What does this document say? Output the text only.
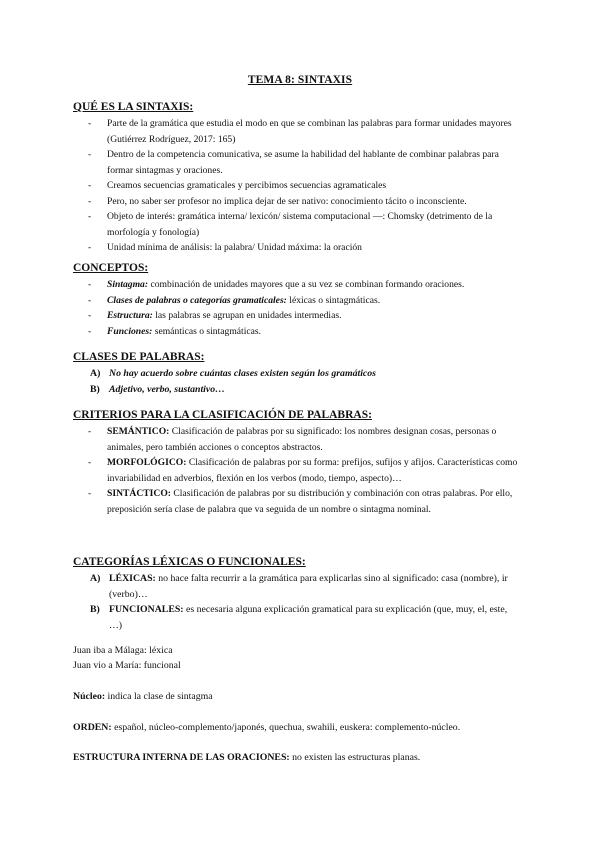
TEMA 8: SINTAXIS
QUÉ ES LA SINTAXIS:
- Parte de la gramática que estudia el modo en que se combinan las palabras para formar unidades mayores (Gutiérrez Rodríguez, 2017: 165)
- Dentro de la competencia comunicativa, se asume la habilidad del hablante de combinar palabras para formar sintagmas y oraciones.
- Creamos secuencias gramaticales y percibimos secuencias agramaticales
- Pero, no saber ser profesor no implica dejar de ser nativo: conocimiento tácito o inconsciente.
- Objeto de interés: gramática interna/ lexicón/ sistema computacional —: Chomsky (detrimento de la morfología y fonología)
- Unidad mínima de análisis: la palabra/ Unidad máxima: la oración
CONCEPTOS:
- Sintagma: combinación de unidades mayores que a su vez se combinan formando oraciones.
- Clases de palabras o categorías gramaticales: léxicas o sintagmáticas.
- Estructura: las palabras se agrupan en unidades intermedias.
- Funciones: semánticas o sintagmáticas.
CLASES DE PALABRAS:
A) No hay acuerdo sobre cuántas clases existen según los gramáticos
B) Adjetivo, verbo, sustantivo…
CRITERIOS PARA LA CLASIFICACIÓN DE PALABRAS:
- SEMÁNTICO: Clasificación de palabras por su significado: los nombres designan cosas, personas o animales, pero también acciones o conceptos abstractos.
- MORFOLÓGICO: Clasificación de palabras por su forma: prefijos, sufijos y afijos. Características como invariabilidad en adverbios, flexión en los verbos (modo, tiempo, aspecto)…
- SINTÁCTICO: Clasificación de palabras por su distribución y combinación con otras palabras. Por ello, preposición sería clase de palabra que va seguida de un nombre o sintagma nominal.
CATEGORÍAS LÉXICAS O FUNCIONALES:
A) LÉXICAS: no hace falta recurrir a la gramática para explicarlas sino al significado: casa (nombre), ir (verbo)…
B) FUNCIONALES: es necesaria alguna explicación gramatical para su explicación (que, muy, el, este, …)
Juan iba a Málaga: léxica
Juan vio a María: funcional
Núcleo: indica la clase de sintagma
ORDEN: español, núcleo-complemento/japonés, quechua, swahili, euskera: complemento-núcleo.
ESTRUCTURA INTERNA DE LAS ORACIONES: no existen las estructuras planas.
